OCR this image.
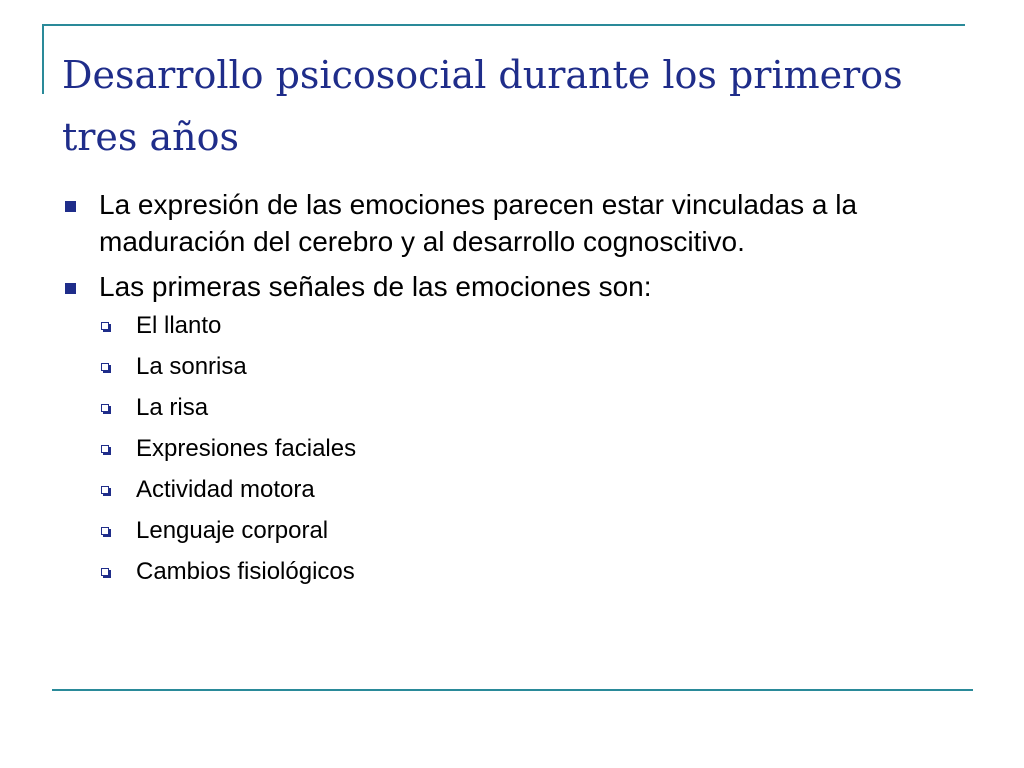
Desarrollo psicosocial durante los primeros tres años
La expresión de las emociones parecen estar vinculadas a la maduración del cerebro y al desarrollo cognoscitivo.
Las primeras señales de las emociones son:
El llanto
La sonrisa
La risa
Expresiones faciales
Actividad motora
Lenguaje corporal
Cambios fisiológicos
